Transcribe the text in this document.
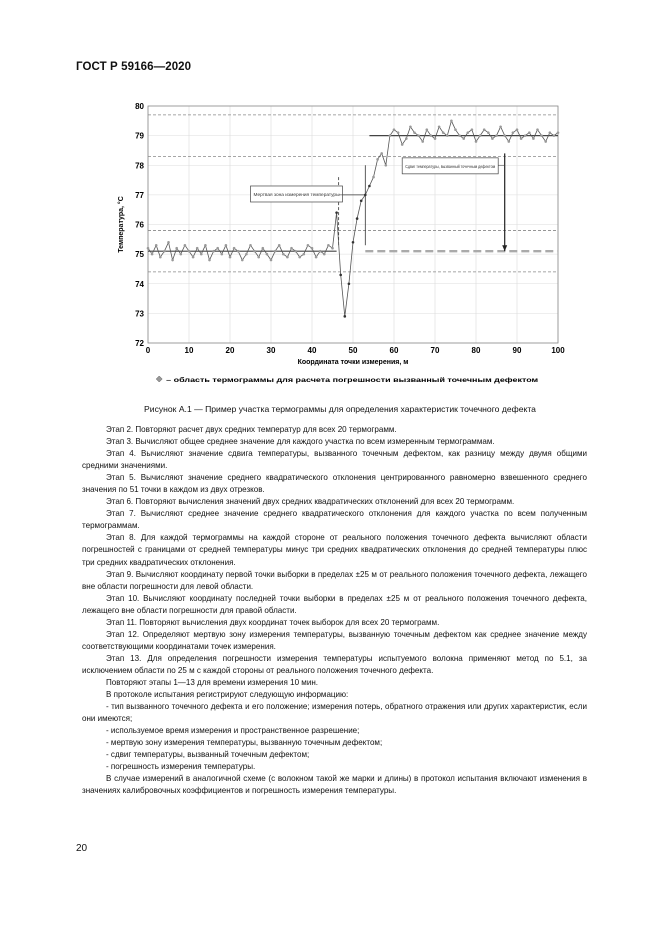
ГОСТ Р 59166—2020
Мертвая зона измерения температуры
Сдвиг температуры, вызванный точечным дефектом
0	10	20	30	40	50	60	70	80	90	100
72
73
74
75
76
77
78
79
80
Координата точки измерения, м
Температура, °C
– область термограммы для расчета погрешности вызванный точечным дефектом
Рисунок А.1 — Пример участка термограммы для определения характеристик точечного дефекта

Этап 2. Повторяют расчет двух средних температур для всех 20 термограмм.

Этап 3. Вычисляют общее среднее значение для каждого участка по всем измеренным термограммам.

Этап 4. Вычисляют значение сдвига температуры, вызванного точечным дефектом, как разницу между двумя общими средними значениями.

Этап 5. Вычисляют значение среднего квадратического отклонения центрированного равномерно взвешенного среднего значения по 51 точки в каждом из двух отрезков.

Этап 6. Повторяют вычисления значений двух средних квадратических отклонений для всех 20 термограмм.

Этап 7. Вычисляют среднее значение среднего квадратического отклонения для каждого участка по всем полученным термограммам.

Этап 8. Для каждой термограммы на каждой стороне от реального положения точечного дефекта вычисляют области погрешностей с границами от средней температуры минус три средних квадратических отклонения до средней температуры плюс три средних квадратических отклонения.

Этап 9. Вычисляют координату первой точки выборки в пределах ±25 м от реального положения точечного дефекта, лежащего вне области погрешности для левой области.

Этап 10. Вычисляют координату последней точки выборки в пределах ±25 м от реального положения точечного дефекта, лежащего вне области погрешности для правой области.

Этап 11. Повторяют вычисления двух координат точек выборок для всех 20 термограмм.

Этап 12. Определяют мертвую зону измерения температуры, вызванную точечным дефектом как среднее значение между соответствующими координатами точек измерения.

Этап 13. Для определения погрешности измерения температуры испытуемого волокна применяют метод по 5.1, за исключением области по 25 м с каждой стороны от реального положения точечного дефекта.

Повторяют этапы 1—13 для времени измерения 10 мин.

В протоколе испытания регистрируют следующую информацию:

- тип вызванного точечного дефекта и его положение; измерения потерь, обратного отражения или других характеристик, если они имеются;

- используемое время измерения и пространственное разрешение;

- мертвую зону измерения температуры, вызванную точечным дефектом;

- сдвиг температуры, вызванный точечным дефектом;

- погрешность измерения температуры.

В случае измерений в аналогичной схеме (с волокном такой же марки и длины) в протокол испытания включают изменения в значениях калибровочных коэффициентов и погрешность измерения температуры.

20
